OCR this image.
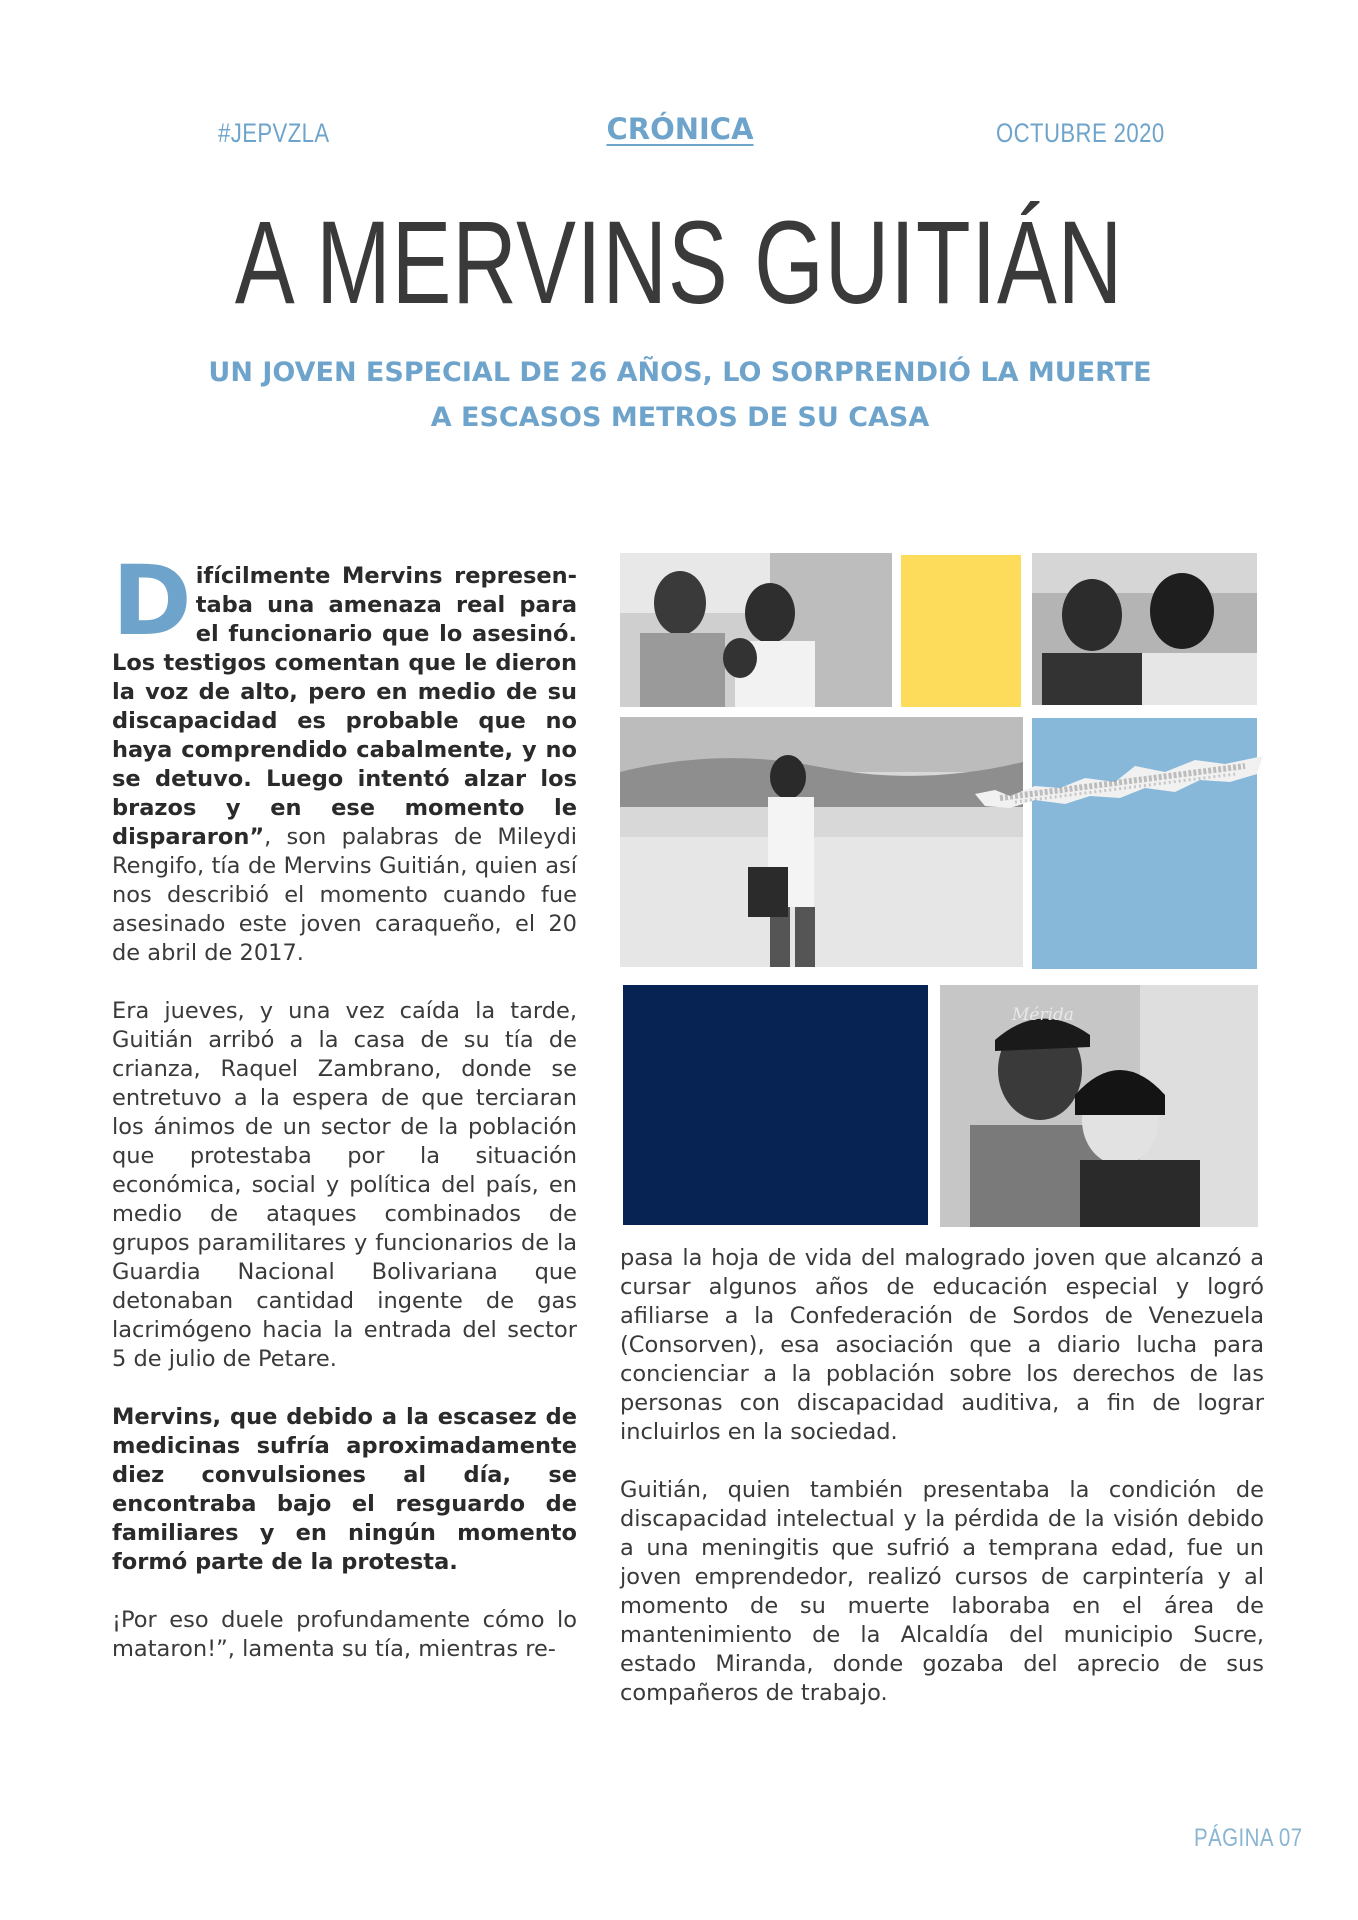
#JEPVZLA	CRÓNICA	OCTUBRE 2020
A MERVINS GUITIÁN
UN JOVEN ESPECIAL DE 26 AÑOS, LO SORPRENDIÓ LA MUERTE
A ESCASOS METROS DE SU CASA

Difícilmente Mervins represen-taba una amenaza real para el funcionario que lo asesinó. Los testigos comentan que le dieron la voz de alto, pero en medio de su discapacidad es probable que no haya comprendido cabalmente, y no se detuvo. Luego intentó alzar los brazos y en ese momento le dispararon”, son palabras de Mileydi Rengifo, tía de Mervins Guitián, quien así nos describió el momento cuando fue asesinado este joven caraqueño, el 20 de abril de 2017.

Era jueves, y una vez caída la tarde, Guitián arribó a la casa de su tía de crianza, Raquel Zambrano, donde se entretuvo a la espera de que terciaran los ánimos de un sector de la población que protestaba por la situación económica, social y política del país, en medio de ataques combinados de grupos paramilitares y funcionarios de la Guardia Nacional Bolivariana que detonaban cantidad ingente de gas lacrimógeno hacia la entrada del sector 5 de julio de Petare.

Mervins, que debido a la escasez de medicinas sufría aproximadamente diez convulsiones al día, se encontraba bajo el resguardo de familiares y en ningún momento formó parte de la protesta.

¡Por eso duele profundamente cómo lo mataron!”, lamenta su tía, mientras re-

Mérida

pasa la hoja de vida del malogrado joven que alcanzó a cursar algunos años de educación especial y logró afiliarse a la Confederación de Sordos de Venezuela (Consorven), esa asociación que a diario lucha para concienciar a la población sobre los derechos de las personas con discapacidad auditiva, a fin de lograr incluirlos en la sociedad.

Guitián, quien también presentaba la condición de discapacidad intelectual y la pérdida de la visión debido a una meningitis que sufrió a temprana edad, fue un joven emprendedor, realizó cursos de carpintería y al momento de su muerte laboraba en el área de mantenimiento de la Alcaldía del municipio Sucre, estado Miranda, donde gozaba del aprecio de sus compañeros de trabajo.

PÁGINA 07
